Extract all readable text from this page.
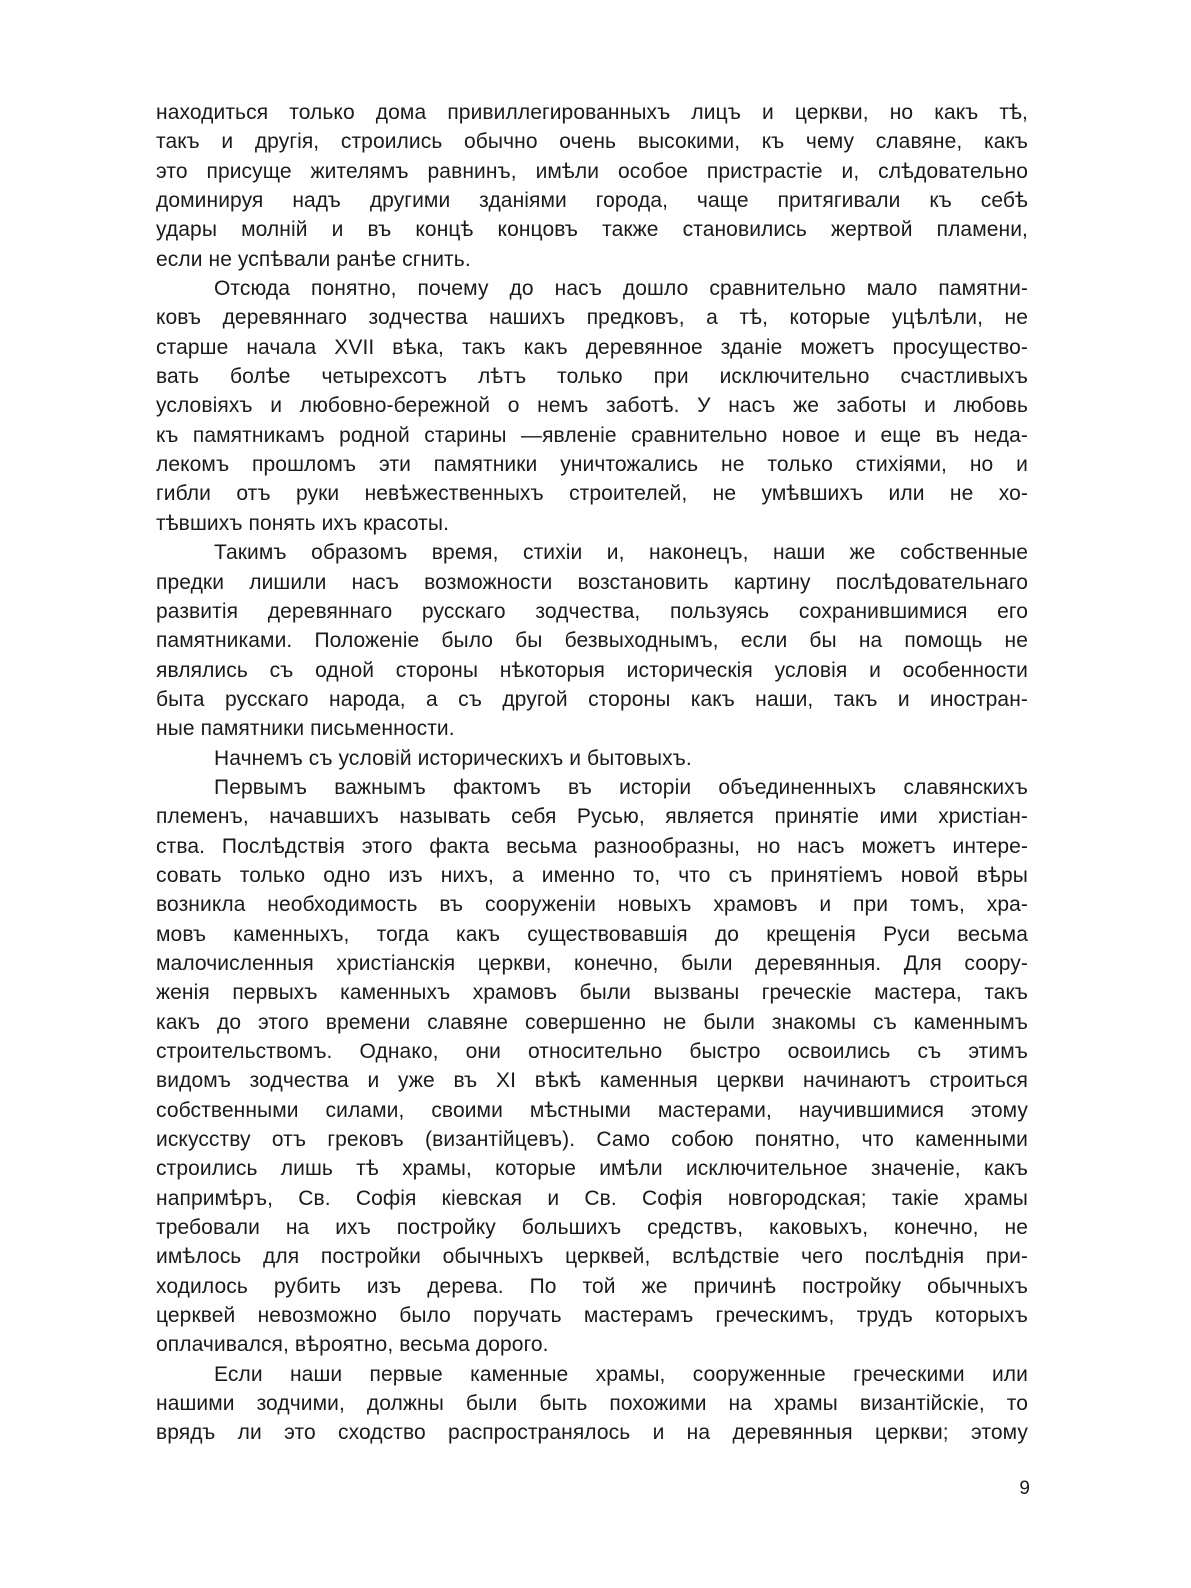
находиться только дома привиллегированныхъ лицъ и церкви, но какъ тѣ,
такъ и другія, строились обычно очень высокими, къ чему славяне, какъ
это присуще жителямъ равнинъ, имѣли особое пристрастіе и, слѣдовательно
доминируя надъ другими зданіями города, чаще притягивали къ себѣ
удары молній и въ концѣ концовъ также становились жертвой пламени,
если не успѣвали ранѣе сгнить.
Отсюда понятно, почему до насъ дошло сравнительно мало памятни-
ковъ деревяннаго зодчества нашихъ предковъ, а тѣ, которые уцѣлѣли, не
старше начала XVII вѣка, такъ какъ деревянное зданіе можетъ просущество-
вать болѣе четырехсотъ лѣтъ только при исключительно счастливыхъ
условіяхъ и любовно-бережной о немъ заботѣ. У насъ же заботы и любовь
къ памятникамъ родной старины —явленіе сравнительно новое и еще въ неда-
лекомъ прошломъ эти памятники уничтожались не только стихіями, но и
гибли отъ руки невѣжественныхъ строителей, не умѣвшихъ или не хо-
тѣвшихъ понять ихъ красоты.
Такимъ образомъ время, стихіи и, наконецъ, наши же собственные
предки лишили насъ возможности возстановить картину послѣдовательнаго
развитія деревяннаго русскаго зодчества, пользуясь сохранившимися его
памятниками. Положеніе было бы безвыходнымъ, если бы на помощь не
являлись съ одной стороны нѣкоторыя историческія условія и особенности
быта русскаго народа, а съ другой стороны какъ наши, такъ и иностран-
ные памятники письменности.
Начнемъ съ условій историческихъ и бытовыхъ.
Первымъ важнымъ фактомъ въ исторіи объединенныхъ славянскихъ
племенъ, начавшихъ называть себя Русью, является принятіе ими христіан-
ства. Послѣдствія этого факта весьма разнообразны, но насъ можетъ интере-
совать только одно изъ нихъ, а именно то, что съ принятіемъ новой вѣры
возникла необходимость въ сооруженіи новыхъ храмовъ и при томъ, хра-
мовъ каменныхъ, тогда какъ существовавшія до крещенія Руси весьма
малочисленныя христіанскія церкви, конечно, были деревянныя. Для соору-
женія первыхъ каменныхъ храмовъ были вызваны греческіе мастера, такъ
какъ до этого времени славяне совершенно не были знакомы съ каменнымъ
строительствомъ. Однако, они относительно быстро освоились съ этимъ
видомъ зодчества и уже въ XI вѣкѣ каменныя церкви начинаютъ строиться
собственными силами, своими мѣстными мастерами, научившимися этому
искусству отъ грековъ (византійцевъ). Само собою понятно, что каменными
строились лишь тѣ храмы, которые имѣли исключительное значеніе, какъ
напримѣръ, Св. Софія кіевская и Св. Софія новгородская; такіе храмы
требовали на ихъ постройку большихъ средствъ, каковыхъ, конечно, не
имѣлось для постройки обычныхъ церквей, вслѣдствіе чего послѣднія при-
ходилось рубить изъ дерева. По той же причинѣ постройку обычныхъ
церквей невозможно было поручать мастерамъ греческимъ, трудъ которыхъ
оплачивался, вѣроятно, весьма дорого.
Если наши первые каменные храмы, сооруженные греческими или
нашими зодчими, должны были быть похожими на храмы византійскіе, то
врядъ ли это сходство распространялось и на деревянныя церкви; этому
9
